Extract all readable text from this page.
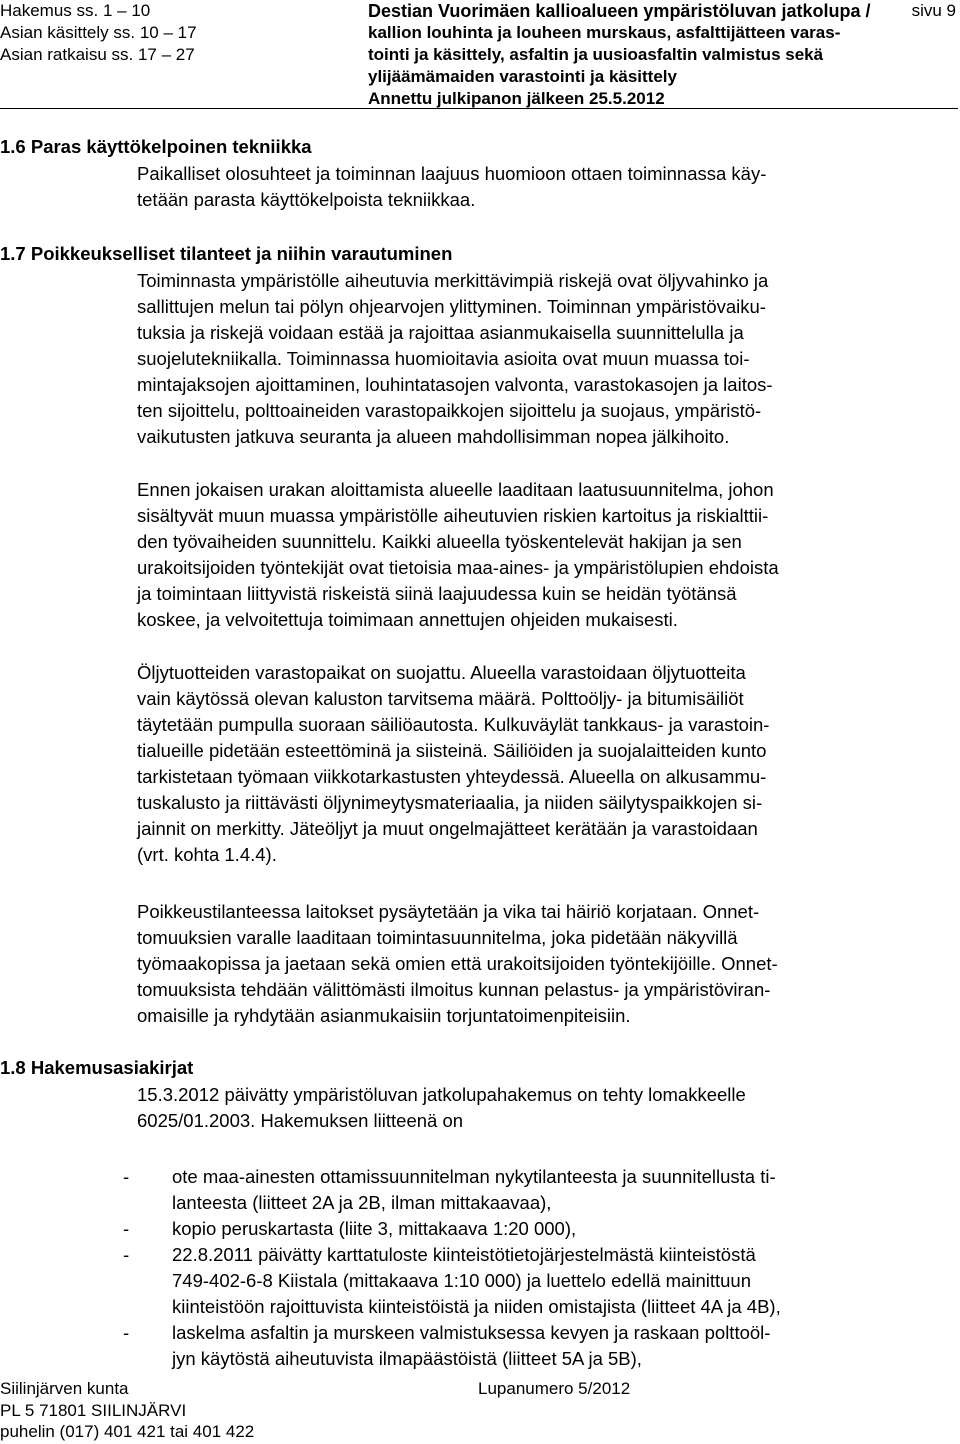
Hakemus ss. 1 – 10
Asian käsittely ss. 10 – 17
Asian ratkaisu ss. 17 – 27
Destian Vuorimäen kallioalueen ympäristöluvan jatkolupa /
kallion louhinta ja louheen murskaus, asfalttijätteen varas-
tointi ja käsittely, asfaltin ja uusioasfaltin valmistus sekä
ylijäämämaiden varastointi ja käsittely
Annettu julkipanon jälkeen 25.5.2012
sivu 9
1.6 Paras käyttökelpoinen tekniikka
Paikalliset olosuhteet ja toiminnan laajuus huomioon ottaen toiminnassa käy-
tetään parasta käyttökelpoista tekniikkaa.
1.7 Poikkeukselliset tilanteet ja niihin varautuminen
Toiminnasta ympäristölle aiheutuvia merkittävimpiä riskejä ovat öljyvahinko ja
sallittujen melun tai pölyn ohjearvojen ylittyminen. Toiminnan ympäristövaiku-
tuksia ja riskejä voidaan estää ja rajoittaa asianmukaisella suunnittelulla ja
suojelutekniikalla. Toiminnassa huomioitavia asioita ovat muun muassa toi-
mintajaksojen ajoittaminen, louhintatasojen valvonta, varastokasojen ja laitos-
ten sijoittelu, polttoaineiden varastopaikkojen sijoittelu ja suojaus, ympäristö-
vaikutusten jatkuva seuranta ja alueen mahdollisimman nopea jälkihoito.
Ennen jokaisen urakan aloittamista alueelle laaditaan laatusuunnitelma, johon
sisältyvät muun muassa ympäristölle aiheutuvien riskien kartoitus ja riskialttii-
den työvaiheiden suunnittelu. Kaikki alueella työskentelevät hakijan ja sen
urakoitsijoiden työntekijät ovat tietoisia maa-aines- ja ympäristölupien ehdoista
ja toimintaan liittyvistä riskeistä siinä laajuudessa kuin se heidän työtänsä
koskee, ja velvoitettuja toimimaan annettujen ohjeiden mukaisesti.
Öljytuotteiden varastopaikat on suojattu. Alueella varastoidaan öljytuotteita
vain käytössä olevan kaluston tarvitsema määrä. Polttoöljy- ja bitumisäiliöt
täytetään pumpulla suoraan säiliöautosta. Kulkuväylät tankkaus- ja varastoin-
tialueille pidetään esteettöminä ja siisteinä. Säiliöiden ja suojalaitteiden kunto
tarkistetaan työmaan viikkotarkastusten yhteydessä. Alueella on alkusammu-
tuskalusto ja riittävästi öljynimeytysmateriaalia, ja niiden säilytyspaikkojen si-
jainnit on merkitty. Jäteöljyt ja muut ongelmajätteet kerätään ja varastoidaan
(vrt. kohta 1.4.4).
Poikkeustilanteessa laitokset pysäytetään ja vika tai häiriö korjataan. Onnet-
tomuuksien varalle laaditaan toimintasuunnitelma, joka pidetään näkyvillä
työmaakopissa ja jaetaan sekä omien että urakoitsijoiden työntekijöille. Onnet-
tomuuksista tehdään välittömästi ilmoitus kunnan pelastus- ja ympäristöviran-
omaisille ja ryhdytään asianmukaisiin torjuntatoimenpiteisiin.
1.8 Hakemusasiakirjat
15.3.2012 päivätty ympäristöluvan jatkolupahakemus on tehty lomakkeelle
6025/01.2003. Hakemuksen liitteenä on
- ote maa-ainesten ottamissuunnitelman nykytilanteesta ja suunnitellusta ti-
lanteesta (liitteet 2A ja 2B, ilman mittakaavaa),
- kopio peruskartasta (liite 3, mittakaava 1:20 000),
- 22.8.2011 päivätty karttatuloste kiinteistötietojärjestelmästä kiinteistöstä
749-402-6-8 Kiistala (mittakaava 1:10 000) ja luettelo edellä mainittuun
kiinteistöön rajoittuvista kiinteistöistä ja niiden omistajista (liitteet 4A ja 4B),
- laskelma asfaltin ja murskeen valmistuksessa kevyen ja raskaan polttoöl-
jyn käytöstä aiheutuvista ilmapäästöistä (liitteet 5A ja 5B),
Siilinjärven kunta
PL 5 71801 SIILINJÄRVI
puhelin (017) 401 421 tai 401 422
Lupanumero 5/2012
